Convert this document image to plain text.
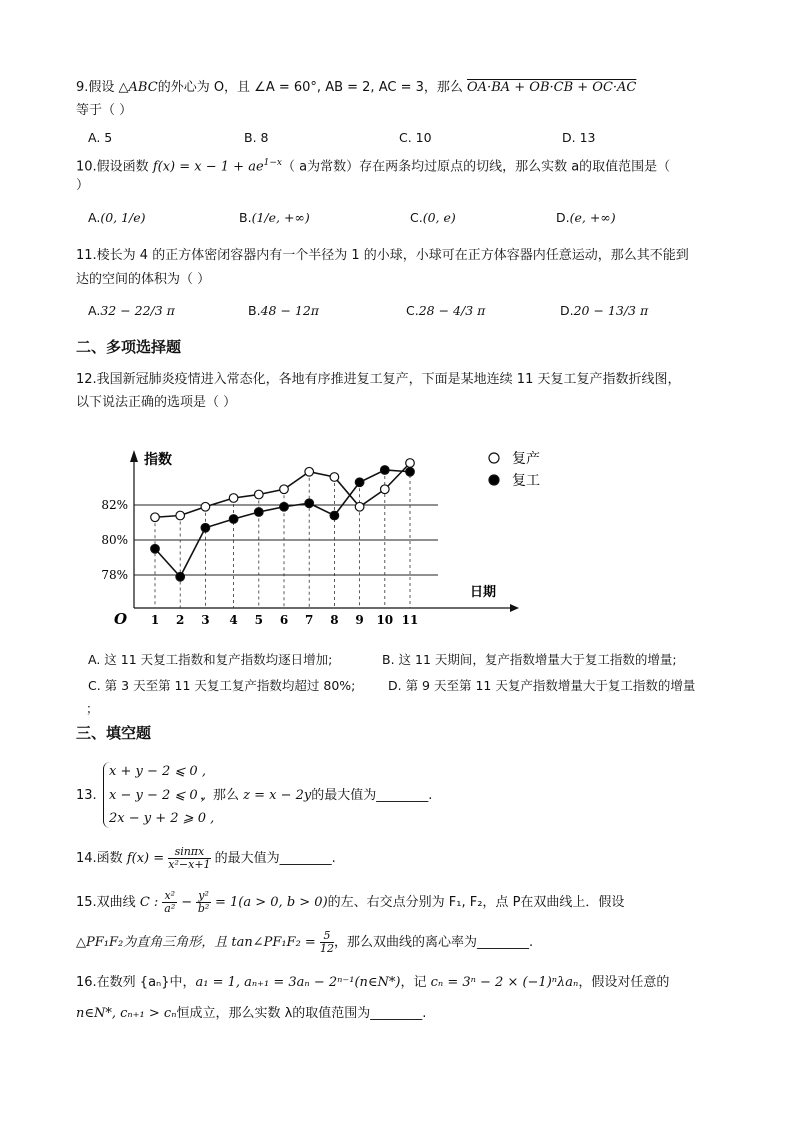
9.假设 △ABC的外心为 O，且 ∠A = 60°, AB = 2, AC = 3，那么 OA·BA + OB·CB + OC·AC
等于（ ）
A. 5	B. 8	C. 10	D. 13
10.假设函数 $f(x) = x - 1 + ae^{1-x}$（ a为常数）存在两条均过原点的切线，那么实数 a的取值范围是（
）
A.(0, 1/e)	B.(1/e, +∞)	C.(0, e)	D.(e, +∞)
11.棱长为 4 的正方体密闭容器内有一个半径为 1 的小球，小球可在正方体容器内任意运动，那么其不能到
达的空间的体积为（ ）
A.32 − 22/3 π	B.48 − 12π	C.28 − 4/3 π	D.20 − 13/3 π
二、多项选择题
12.我国新冠肺炎疫情进入常态化，各地有序推进复工复产，下面是某地连续 11 天复工复产指数折线图，
以下说法正确的选项是（ ）
82%
80%
78%
指数
日期
O 1 2 3 4 5 6 7 8 9 10 11
复产
复工
A. 这 11 天复工指数和复产指数均逐日增加;	B. 这 11 天期间，复产指数增量大于复工指数的增量;
C. 第 3 天至第 11 天复工复产指数均超过 80%;	D. 第 9 天至第 11 天复产指数增量大于复工指数的增量
；
三、填空题
13.
x + y − 2 ⩽ 0 ,
x − y − 2 ⩽ 0 ,
2x − y + 2 ⩾ 0 ,
，那么 z = x − 2y的最大值为________.
14.函数 $f(x) = \frac{\sin\pi x}{\text{x²−x+1}}$ 的最大值为________.
15.双曲线 C : $\frac{\text{x²}}{\text{a²}} - \frac{\text{y²}}{\text{b²}} = 1(a > 0$, b > 0)的左、右交点分别为 F₁, F₂，点 P在双曲线上．假设
△PF₁F₂为直角三角形，且 tan∠PF₁F₂ = $\frac{5}{12}$ ，那么双曲线的离心率为________.
16.在数列 {aₙ}中，a₁ = 1, aₙ₊₁ = 3aₙ − 2ⁿ⁻¹(n∈N*)，记 cₙ = 3ⁿ − 2 × (−1)ⁿλaₙ，假设对任意的
n∈N*, cₙ₊₁ > cₙ恒成立，那么实数 λ的取值范围为________.
